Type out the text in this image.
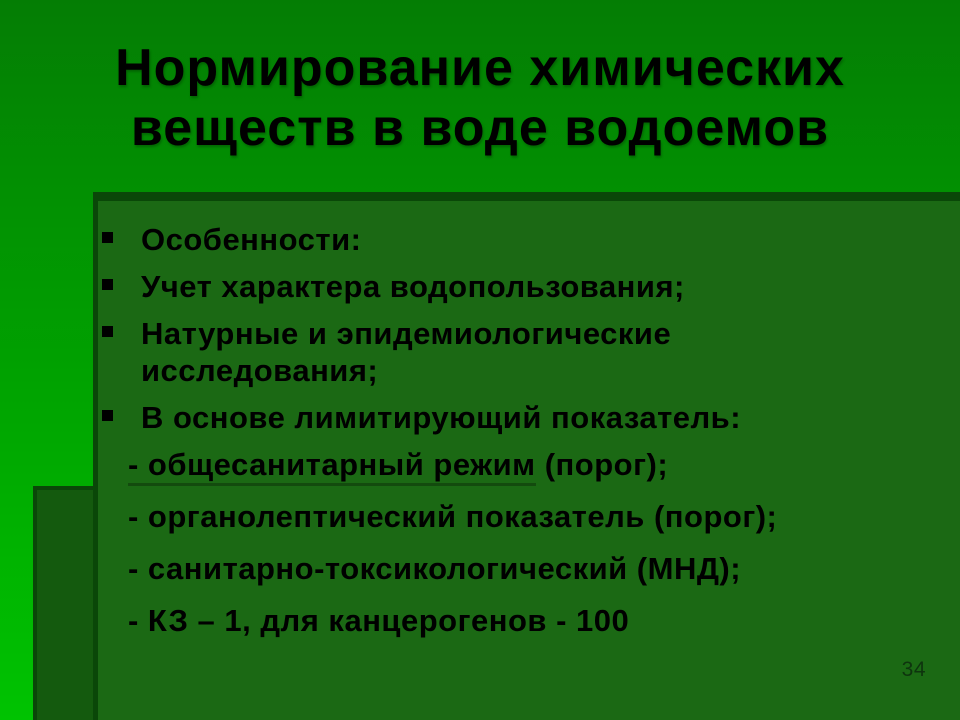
Нормирование химических
веществ в воде водоемов
Особенности:
Учет характера водопользования;
Натурные и эпидемиологические исследования;
В основе лимитирующий показатель:
- общесанитарный режим (порог);
- органолептический показатель (порог);
- санитарно-токсикологический (МНД);
- КЗ – 1, для канцерогенов - 100
34
